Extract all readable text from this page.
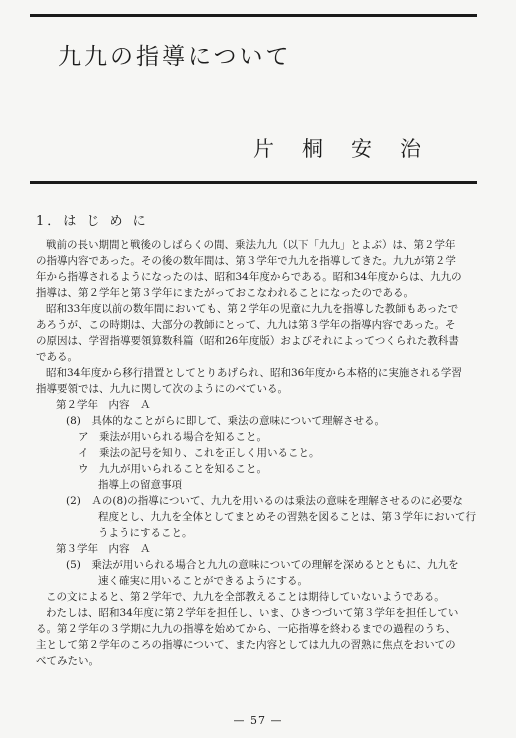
九九の指導について
片桐安治
1．は じ め に
戦前の長い期間と戦後のしばらくの間、乗法九九（以下「九九」とよぶ）は、第２学年
の指導内容であった。その後の数年間は、第３学年で九九を指導してきた。九九が第２学
年から指導されるようになったのは、昭和34年度からである。昭和34年度からは、九九の
指導は、第２学年と第３学年にまたがっておこなわれることになったのである。
昭和33年度以前の数年間においても、第２学年の児童に九九を指導した教師もあったで
あろうが、この時期は、大部分の教師にとって、九九は第３学年の指導内容であった。そ
の原因は、学習指導要領算数科篇（昭和26年度版）およびそれによってつくられた教科書
である。
昭和34年度から移行措置としてとりあげられ、昭和36年度から本格的に実施される学習
指導要領では、九九に関して次のようにのべている。
第２学年　内容　Ａ
(8)　具体的なことがらに即して、乗法の意味について理解させる。
ア　乗法が用いられる場合を知ること。
イ　乗法の記号を知り、これを正しく用いること。
ウ　九九が用いられることを知ること。
指導上の留意事項
(2)　Ａの(8)の指導について、九九を用いるのは乗法の意味を理解させるのに必要な
程度とし、九九を全体としてまとめその習熟を図ることは、第３学年において行
うようにすること。
第３学年　内容　Ａ
(5)　乗法が用いられる場合と九九の意味についての理解を深めるとともに、九九を
速く確実に用いることができるようにする。
この文によると、第２学年で、九九を全部教えることは期待していないようである。
わたしは、昭和34年度に第２学年を担任し、いま、ひきつづいて第３学年を担任してい
る。第２学年の３学期に九九の指導を始めてから、一応指導を終わるまでの過程のうち、
主として第２学年のころの指導について、また内容としては九九の習熟に焦点をおいての
べてみたい。
— 57 —
